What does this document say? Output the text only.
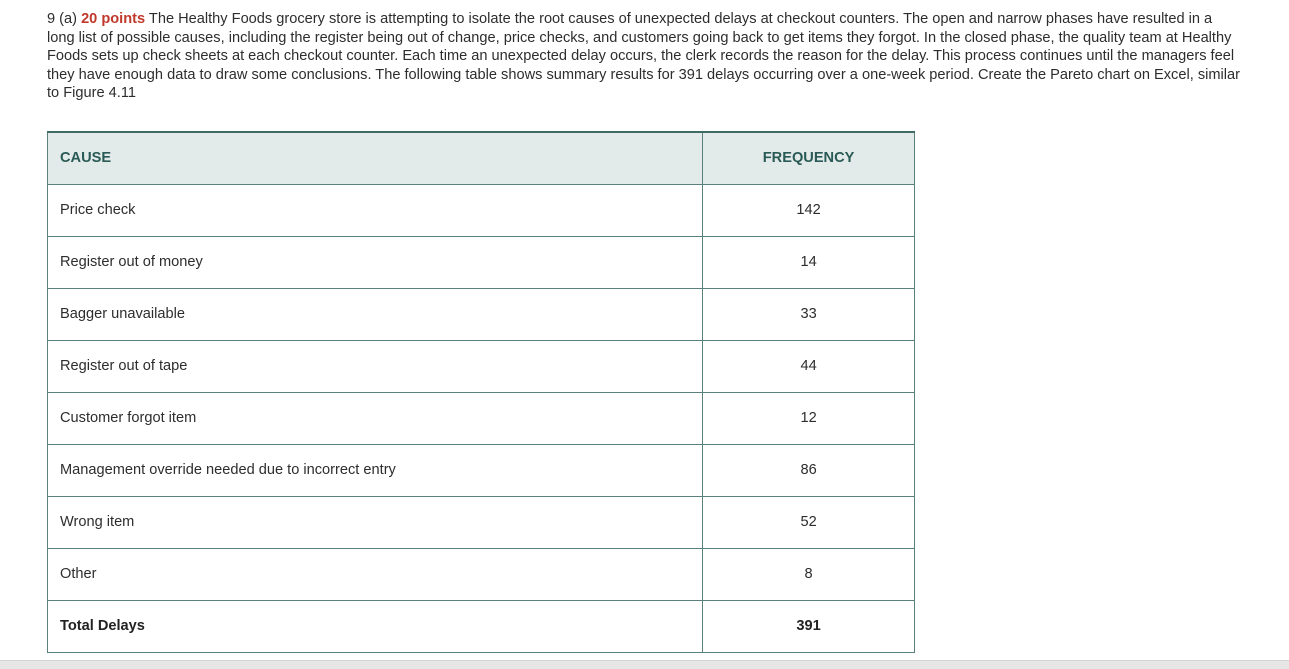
9 (a) 20 points The Healthy Foods grocery store is attempting to isolate the root causes of unexpected delays at checkout counters. The open and narrow phases have resulted in a long list of possible causes, including the register being out of change, price checks, and customers going back to get items they forgot. In the closed phase, the quality team at Healthy Foods sets up check sheets at each checkout counter. Each time an unexpected delay occurs, the clerk records the reason for the delay. This process continues until the managers feel they have enough data to draw some conclusions. The following table shows summary results for 391 delays occurring over a one-week period. Create the Pareto chart on Excel, similar to Figure 4.11
CAUSE	FREQUENCY
Price check	142
Register out of money	14
Bagger unavailable	33
Register out of tape	44
Customer forgot item	12
Management override needed due to incorrect entry	86
Wrong item	52
Other	8
Total Delays	391
